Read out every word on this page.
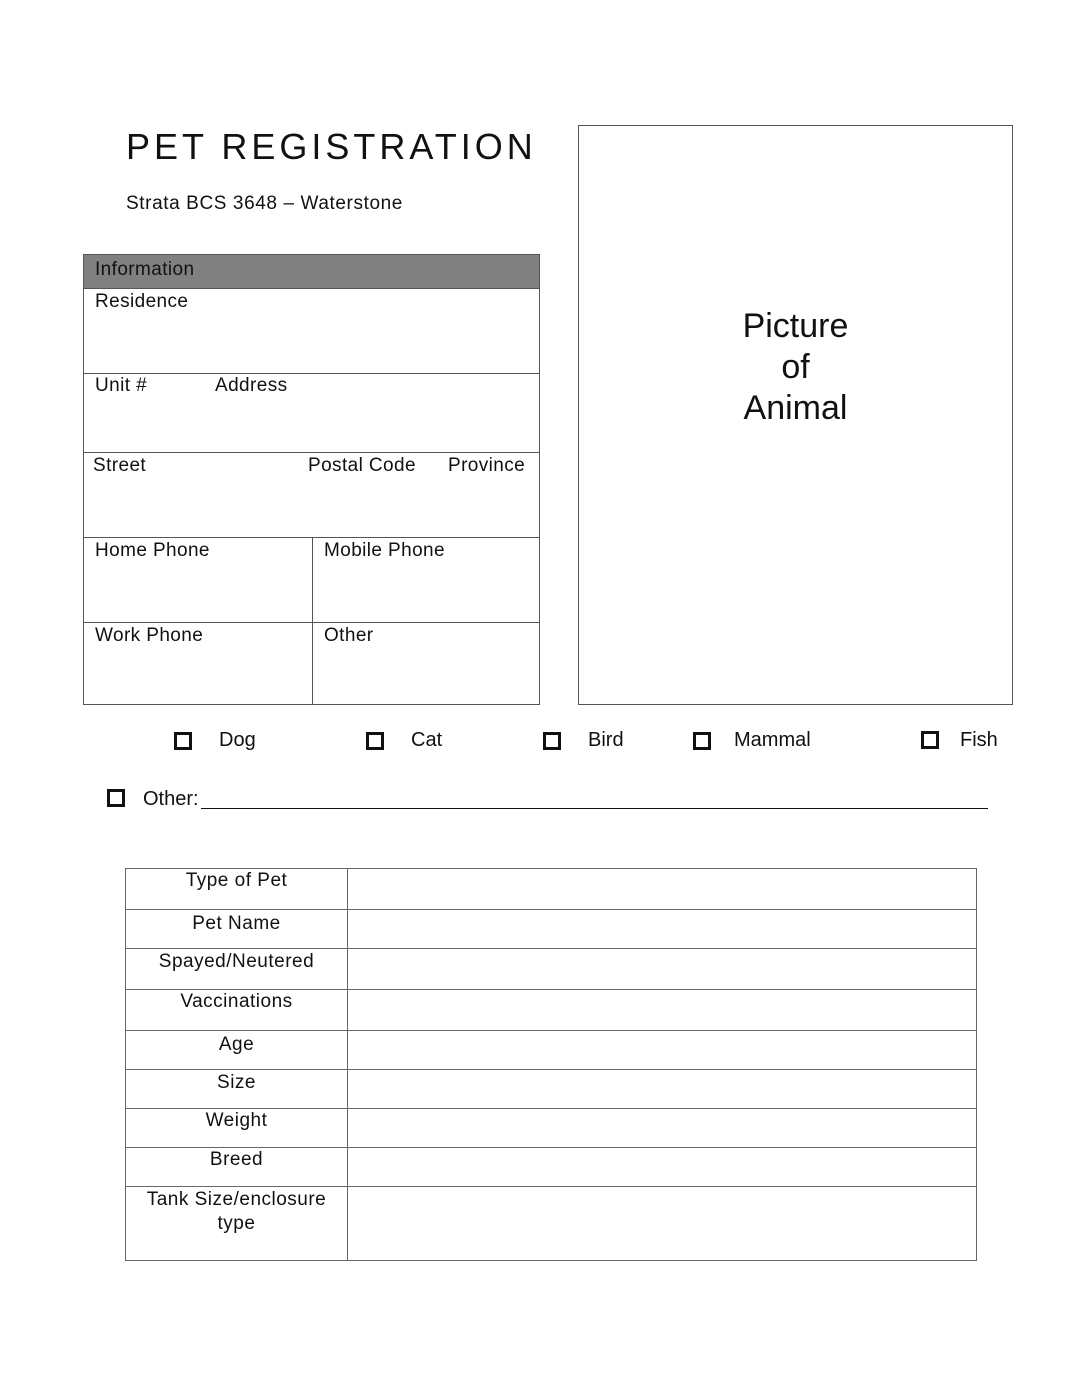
PET REGISTRATION
Strata BCS 3648 – Waterstone
Information
Residence
Unit #	Address
Street	Postal Code Province
Home Phone	Mobile Phone
Work Phone	Other
Picture
of
Animal
Dog	Cat	Bird	Mammal	Fish
Other:
Type of Pet	
Pet Name	
Spayed/Neutered	
Vaccinations	
Age	
Size	
Weight	
Breed	
Tank Size/enclosure type	
